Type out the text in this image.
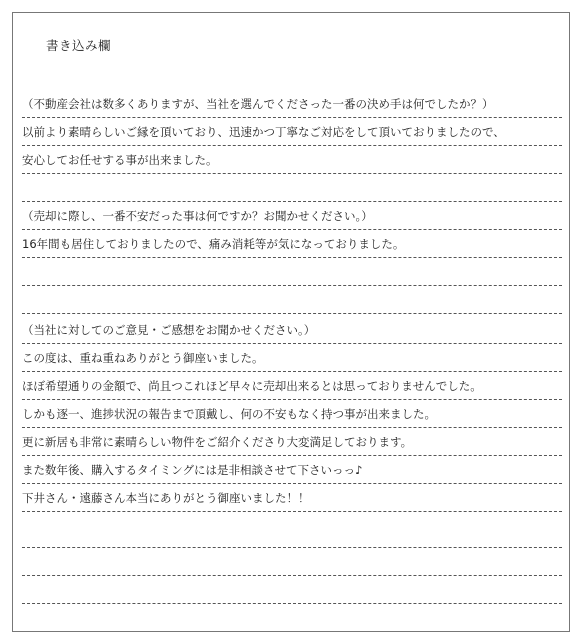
書き込み欄
（不動産会社は数多くありますが、当社を選んでくださった一番の決め手は何でしたか？）
以前より素晴らしいご縁を頂いており、迅速かつ丁寧なご対応をして頂いておりましたので、
安心してお任せする事が出来ました。
（売却に際し、一番不安だった事は何ですか？お聞かせください。）
16年間も居住しておりましたので、痛み消耗等が気になっておりました。
（当社に対してのご意見・ご感想をお聞かせください。）
この度は、重ね重ねありがとう御座いました。
ほぼ希望通りの金額で、尚且つこれほど早々に売却出来るとは思っておりませんでした。
しかも逐一、進捗状況の報告まで頂戴し、何の不安もなく持つ事が出来ました。
更に新居も非常に素晴らしい物件をご紹介くださり大変満足しております。
また数年後、購入するタイミングには是非相談させて下さいっっ♪
下井さん・遠藤さん本当にありがとう御座いました！！
